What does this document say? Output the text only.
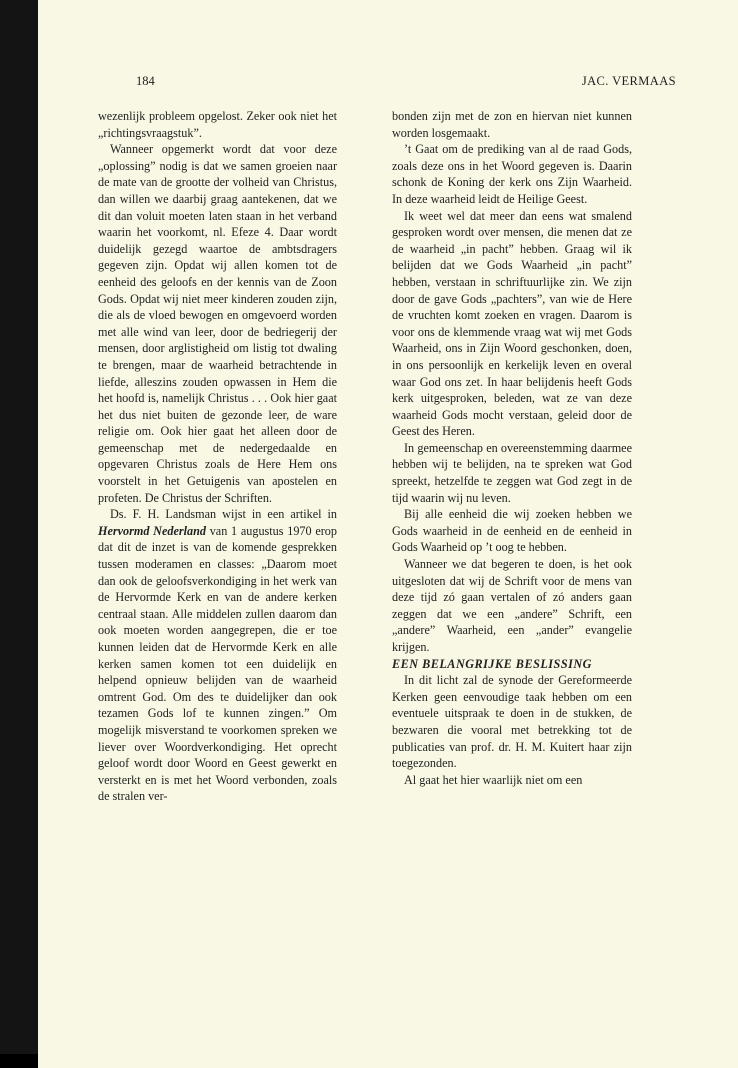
184	JAC. VERMAAS

wezenlijk probleem opgelost. Zeker ook niet het „richtingsvraagstuk”.

Wanneer opgemerkt wordt dat voor deze „oplossing” nodig is dat we samen groeien naar de mate van de grootte der volheid van Christus, dan willen we daarbij graag aantekenen, dat we dit dan voluit moeten laten staan in het verband waarin het voorkomt, nl. Efeze 4. Daar wordt duidelijk gezegd waartoe de ambtsdragers gegeven zijn. Opdat wij allen komen tot de eenheid des geloofs en der kennis van de Zoon Gods. Opdat wij niet meer kinderen zouden zijn, die als de vloed bewogen en omgevoerd worden met alle wind van leer, door de bedriegerij der mensen, door arglistigheid om listig tot dwaling te brengen, maar de waarheid betrachtende in liefde, alleszins zouden opwassen in Hem die het hoofd is, namelijk Christus . . . Ook hier gaat het dus niet buiten de gezonde leer, de ware religie om. Ook hier gaat het alleen door de gemeenschap met de nedergedaalde en opgevaren Christus zoals de Here Hem ons voorstelt in het Getuigenis van apostelen en profeten. De Christus der Schriften.

Ds. F. H. Landsman wijst in een artikel in Hervormd Nederland van 1 augustus 1970 erop dat dit de inzet is van de komende gesprekken tussen moderamen en classes: „Daarom moet dan ook de geloofsverkondiging in het werk van de Hervormde Kerk en van de andere kerken centraal staan. Alle middelen zullen daarom dan ook moeten worden aangegrepen, die er toe kunnen leiden dat de Hervormde Kerk en alle kerken samen komen tot een duidelijk en helpend opnieuw belijden van de waarheid omtrent God. Om des te duidelijker dan ook tezamen Gods lof te kunnen zingen.” Om mogelijk misverstand te voorkomen spreken we liever over Woordverkondiging. Het oprecht geloof wordt door Woord en Geest gewerkt en versterkt en is met het Woord verbonden, zoals de stralen ver-

bonden zijn met de zon en hiervan niet kunnen worden losgemaakt.

’t Gaat om de prediking van al de raad Gods, zoals deze ons in het Woord gegeven is. Daarin schonk de Koning der kerk ons Zijn Waarheid. In deze waarheid leidt de Heilige Geest.

Ik weet wel dat meer dan eens wat smalend gesproken wordt over mensen, die menen dat ze de waarheid „in pacht” hebben. Graag wil ik belijden dat we Gods Waarheid „in pacht” hebben, verstaan in schriftuurlijke zin. We zijn door de gave Gods „pachters”, van wie de Here de vruchten komt zoeken en vragen. Daarom is voor ons de klemmende vraag wat wij met Gods Waarheid, ons in Zijn Woord geschonken, doen, in ons persoonlijk en kerkelijk leven en overal waar God ons zet. In haar belijdenis heeft Gods kerk uitgesproken, beleden, wat ze van deze waarheid Gods mocht verstaan, geleid door de Geest des Heren.

In gemeenschap en overeenstemming daarmee hebben wij te belijden, na te spreken wat God spreekt, hetzelfde te zeggen wat God zegt in de tijd waarin wij nu leven.

Bij alle eenheid die wij zoeken hebben we Gods waarheid in de eenheid en de eenheid in Gods Waarheid op ’t oog te hebben.

Wanneer we dat begeren te doen, is het ook uitgesloten dat wij de Schrift voor de mens van deze tijd zó gaan vertalen of zó anders gaan zeggen dat we een „andere” Schrift, een „andere” Waarheid, een „ander” evangelie krijgen.

EEN BELANGRIJKE BESLISSING

In dit licht zal de synode der Gereformeerde Kerken geen eenvoudige taak hebben om een eventuele uitspraak te doen in de stukken, de bezwaren die vooral met betrekking tot de publicaties van prof. dr. H. M. Kuitert haar zijn toegezonden.

Al gaat het hier waarlijk niet om een
